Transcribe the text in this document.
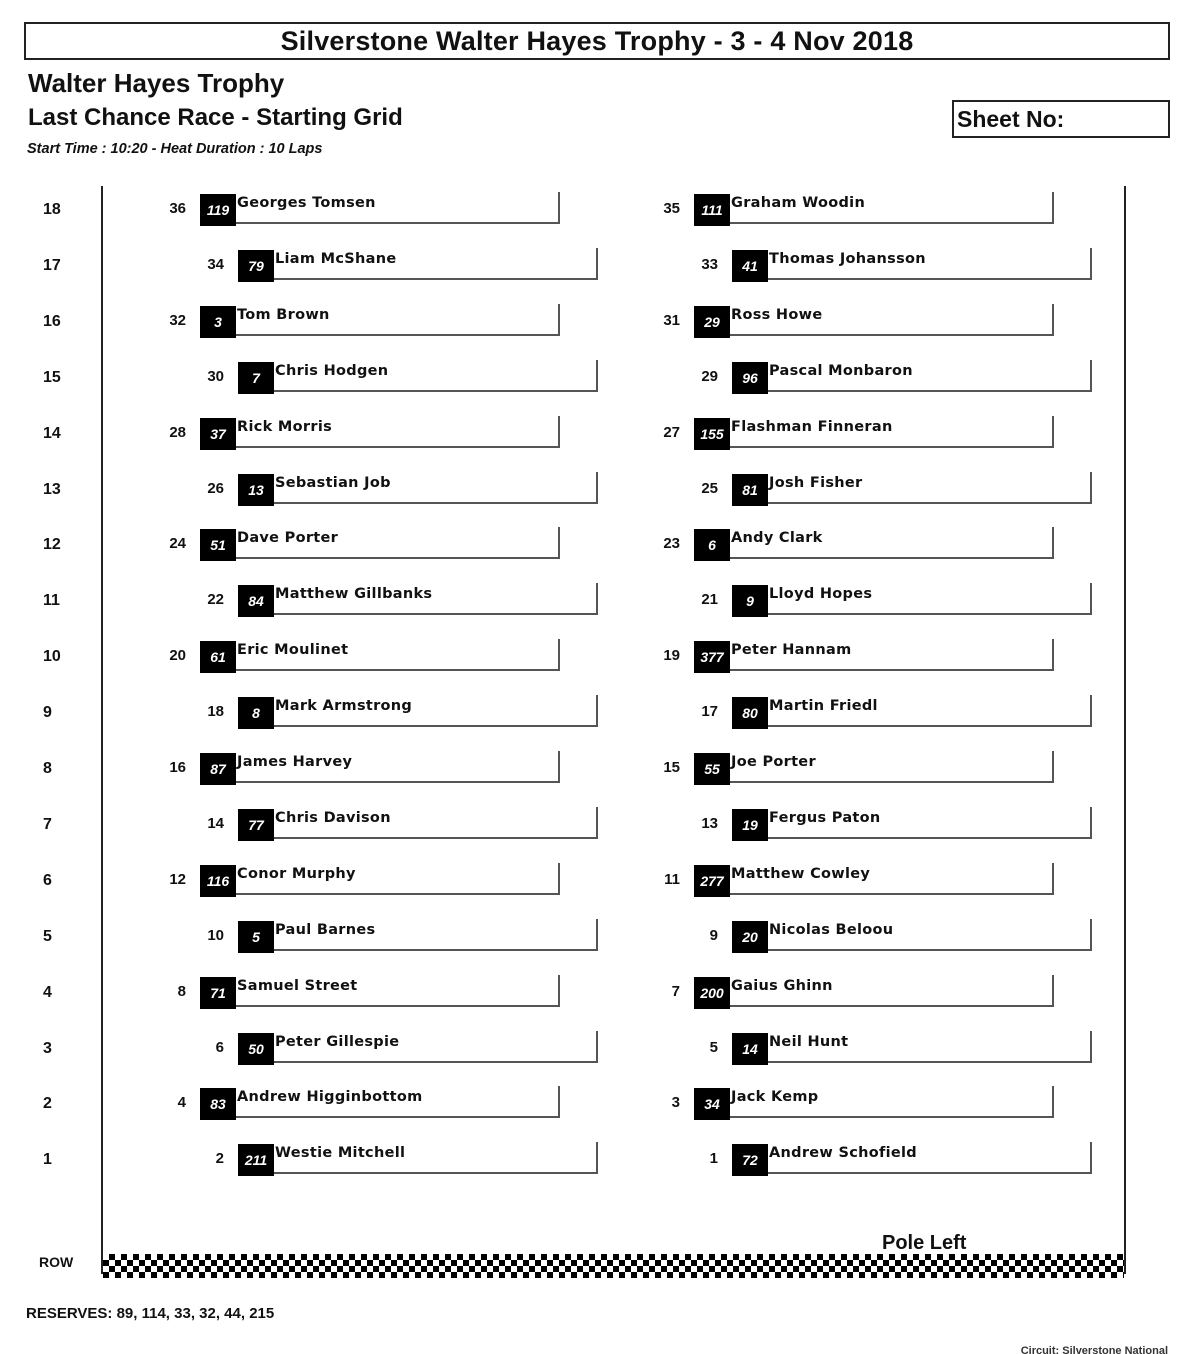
Silverstone Walter Hayes Trophy - 3 - 4 Nov 2018
Walter Hayes Trophy
Last Chance Race - Starting Grid
Start Time : 10:20 - Heat Duration : 10 Laps
Sheet No:
18	36	119 Georges Tomsen	35	111 Graham Woodin
17	34	79 Liam McShane	33	41 Thomas Johansson
16	32	3	Tom Brown	31	29 Ross Howe
15	30	7	Chris Hodgen	29	96 Pascal Monbaron
14	28	37 Rick Morris	27	155 Flashman Finneran
13	26	13 Sebastian Job	25	81 Josh Fisher
12	24	51 Dave Porter	23	6	Andy Clark
11	22	84 Matthew Gillbanks	21	9	Lloyd Hopes
10	20	61 Eric Moulinet	19	377 Peter Hannam
9	18	8	Mark Armstrong	17	80 Martin Friedl
8	16	87 James Harvey	15	55 Joe Porter
7	14	77 Chris Davison	13	19 Fergus Paton
6	12	116 Conor Murphy	11	277 Matthew Cowley
5	10	5	Paul Barnes	9	20 Nicolas Beloou
4	8	71 Samuel Street	7	200 Gaius Ghinn
3	6	50 Peter Gillespie	5	14 Neil Hunt
2	4	83 Andrew Higginbottom	3	34 Jack Kemp
1	2	211 Westie Mitchell	1	72 Andrew Schofield
ROW
Pole Left
RESERVES: 89, 114, 33, 32, 44, 215
Circuit: Silverstone National
